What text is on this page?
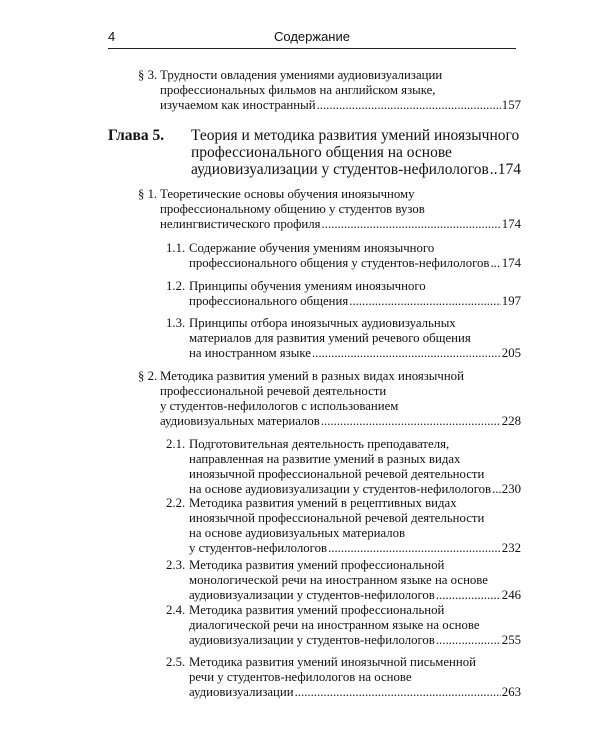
4	Содержание
§ 3. Трудности овладения умениями аудиовизуализации
профессиональных фильмов на английском языке,
изучаемом как иностранный .....	157
Глава 5. Теория и методика развития умений иноязычного
профессионального общения на основе
аудиовизуализации у студентов-нефилологов ..... 174
§ 1. Теоретические основы обучения иноязычному
профессиональному общению у студентов вузов
нелингвистического профиля .....	174
1.1. Содержание обучения умениям иноязычного
профессионального общения у студентов-нефилологов ..... 174
1.2. Принципы обучения умениям иноязычного
профессионального общения .....	197
1.3. Принципы отбора иноязычных аудиовизуальных
материалов для развития умений речевого общения
на иностранном языке .....	205
§ 2. Методика развития умений в разных видах иноязычной
профессиональной речевой деятельности
у студентов-нефилологов с использованием
аудиовизуальных материалов .....	228
2.1. Подготовительная деятельность преподавателя,
направленная на развитие умений в разных видах
иноязычной профессиональной речевой деятельности
на основе аудиовизуализации у студентов-нефилологов ..... 230
2.2. Методика развития умений в рецептивных видах
иноязычной профессиональной речевой деятельности
на основе аудиовизуальных материалов
у студентов-нефилологов .....	232
2.3. Методика развития умений профессиональной
монологической речи на иностранном языке на основе
аудиовизуализации у студентов-нефилологов .....	246
2.4. Методика развития умений профессиональной
диалогической речи на иностранном языке на основе
аудиовизуализации у студентов-нефилологов .....	255
2.5. Методика развития умений иноязычной письменной
речи у студентов-нефилологов на основе
аудиовизуализации .....	263
